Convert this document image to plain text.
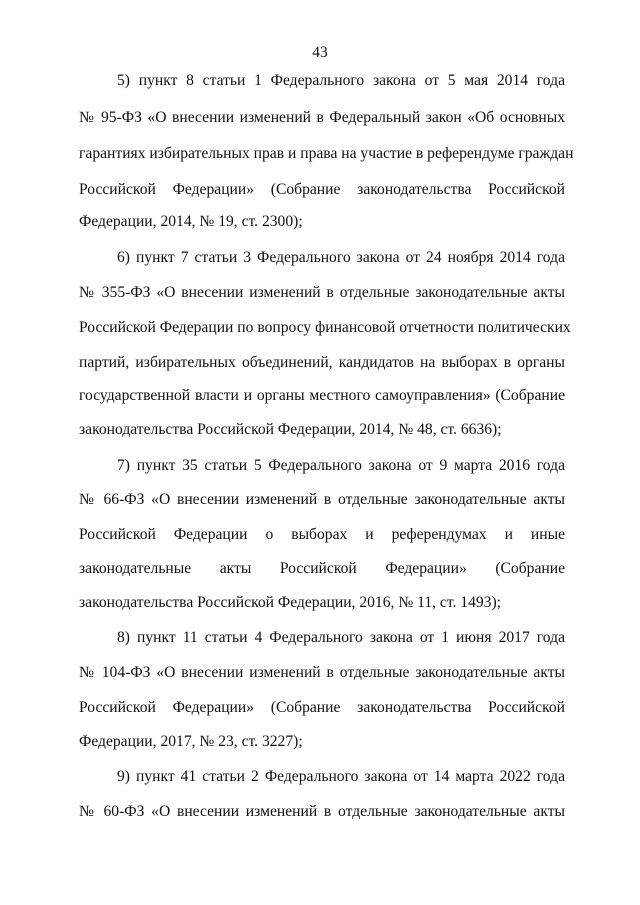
43
5) пункт 8 статьи 1 Федерального закона от 5 мая 2014 года
№ 95-ФЗ «О внесении изменений в Федеральный закон «Об основных
гарантиях избирательных прав и права на участие в референдуме граждан
Российской Федерации» (Собрание законодательства Российской
Федерации, 2014, № 19, ст. 2300);
6) пункт 7 статьи 3 Федерального закона от 24 ноября 2014 года
№ 355-ФЗ «О внесении изменений в отдельные законодательные акты
Российской Федерации по вопросу финансовой отчетности политических
партий, избирательных объединений, кандидатов на выборах в органы
государственной власти и органы местного самоуправления» (Собрание
законодательства Российской Федерации, 2014, № 48, ст. 6636);
7) пункт 35 статьи 5 Федерального закона от 9 марта 2016 года
№ 66-ФЗ «О внесении изменений в отдельные законодательные акты
Российской Федерации о выборах и референдумах и иные
законодательные акты Российской Федерации» (Собрание
законодательства Российской Федерации, 2016, № 11, ст. 1493);
8) пункт 11 статьи 4 Федерального закона от 1 июня 2017 года
№ 104-ФЗ «О внесении изменений в отдельные законодательные акты
Российской Федерации» (Собрание законодательства Российской
Федерации, 2017, № 23, ст. 3227);
9) пункт 41 статьи 2 Федерального закона от 14 марта 2022 года
№ 60-ФЗ «О внесении изменений в отдельные законодательные акты
